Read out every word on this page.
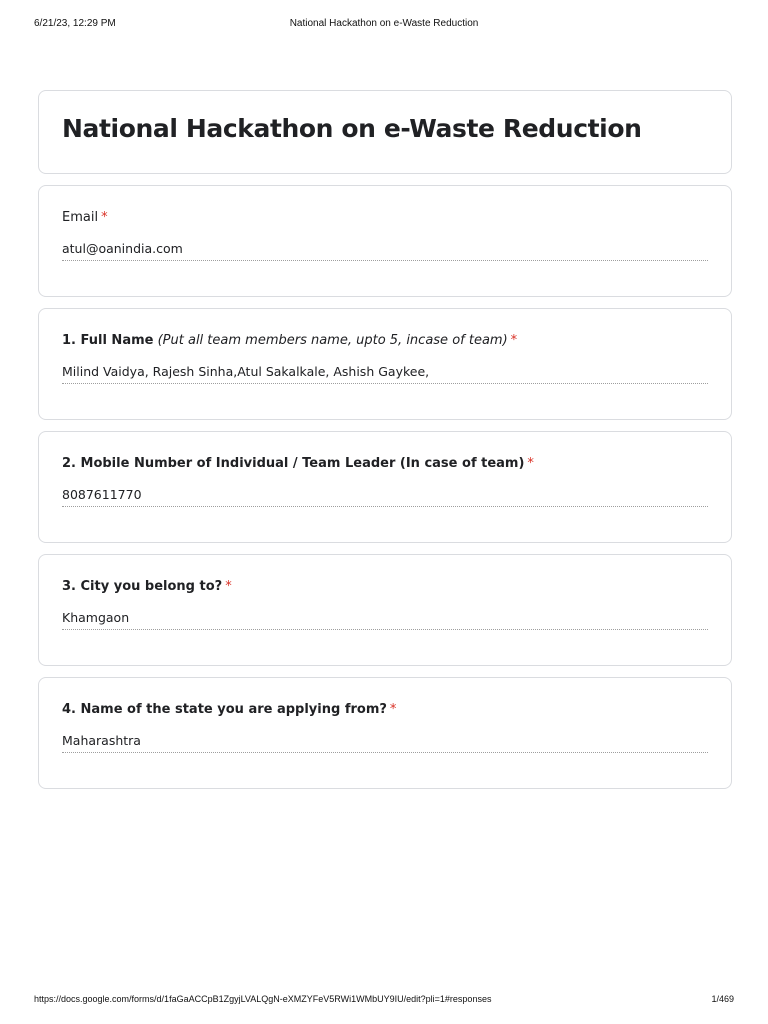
6/21/23, 12:29 PM	National Hackathon on e-Waste Reduction
National Hackathon on e-Waste Reduction
Email *
atul@oanindia.com
1. Full Name (Put all team members name, upto 5, incase of team) *
Milind Vaidya, Rajesh Sinha,Atul Sakalkale, Ashish Gaykee,
2. Mobile Number of Individual / Team Leader (In case of team) *
8087611770
3. City you belong to? *
Khamgaon
4. Name of the state you are applying from? *
Maharashtra
https://docs.google.com/forms/d/1faGaACCpB1ZgyjLVALQgN-eXMZYFeV5RWi1WMbUY9IU/edit?pli=1#responses	1/469
